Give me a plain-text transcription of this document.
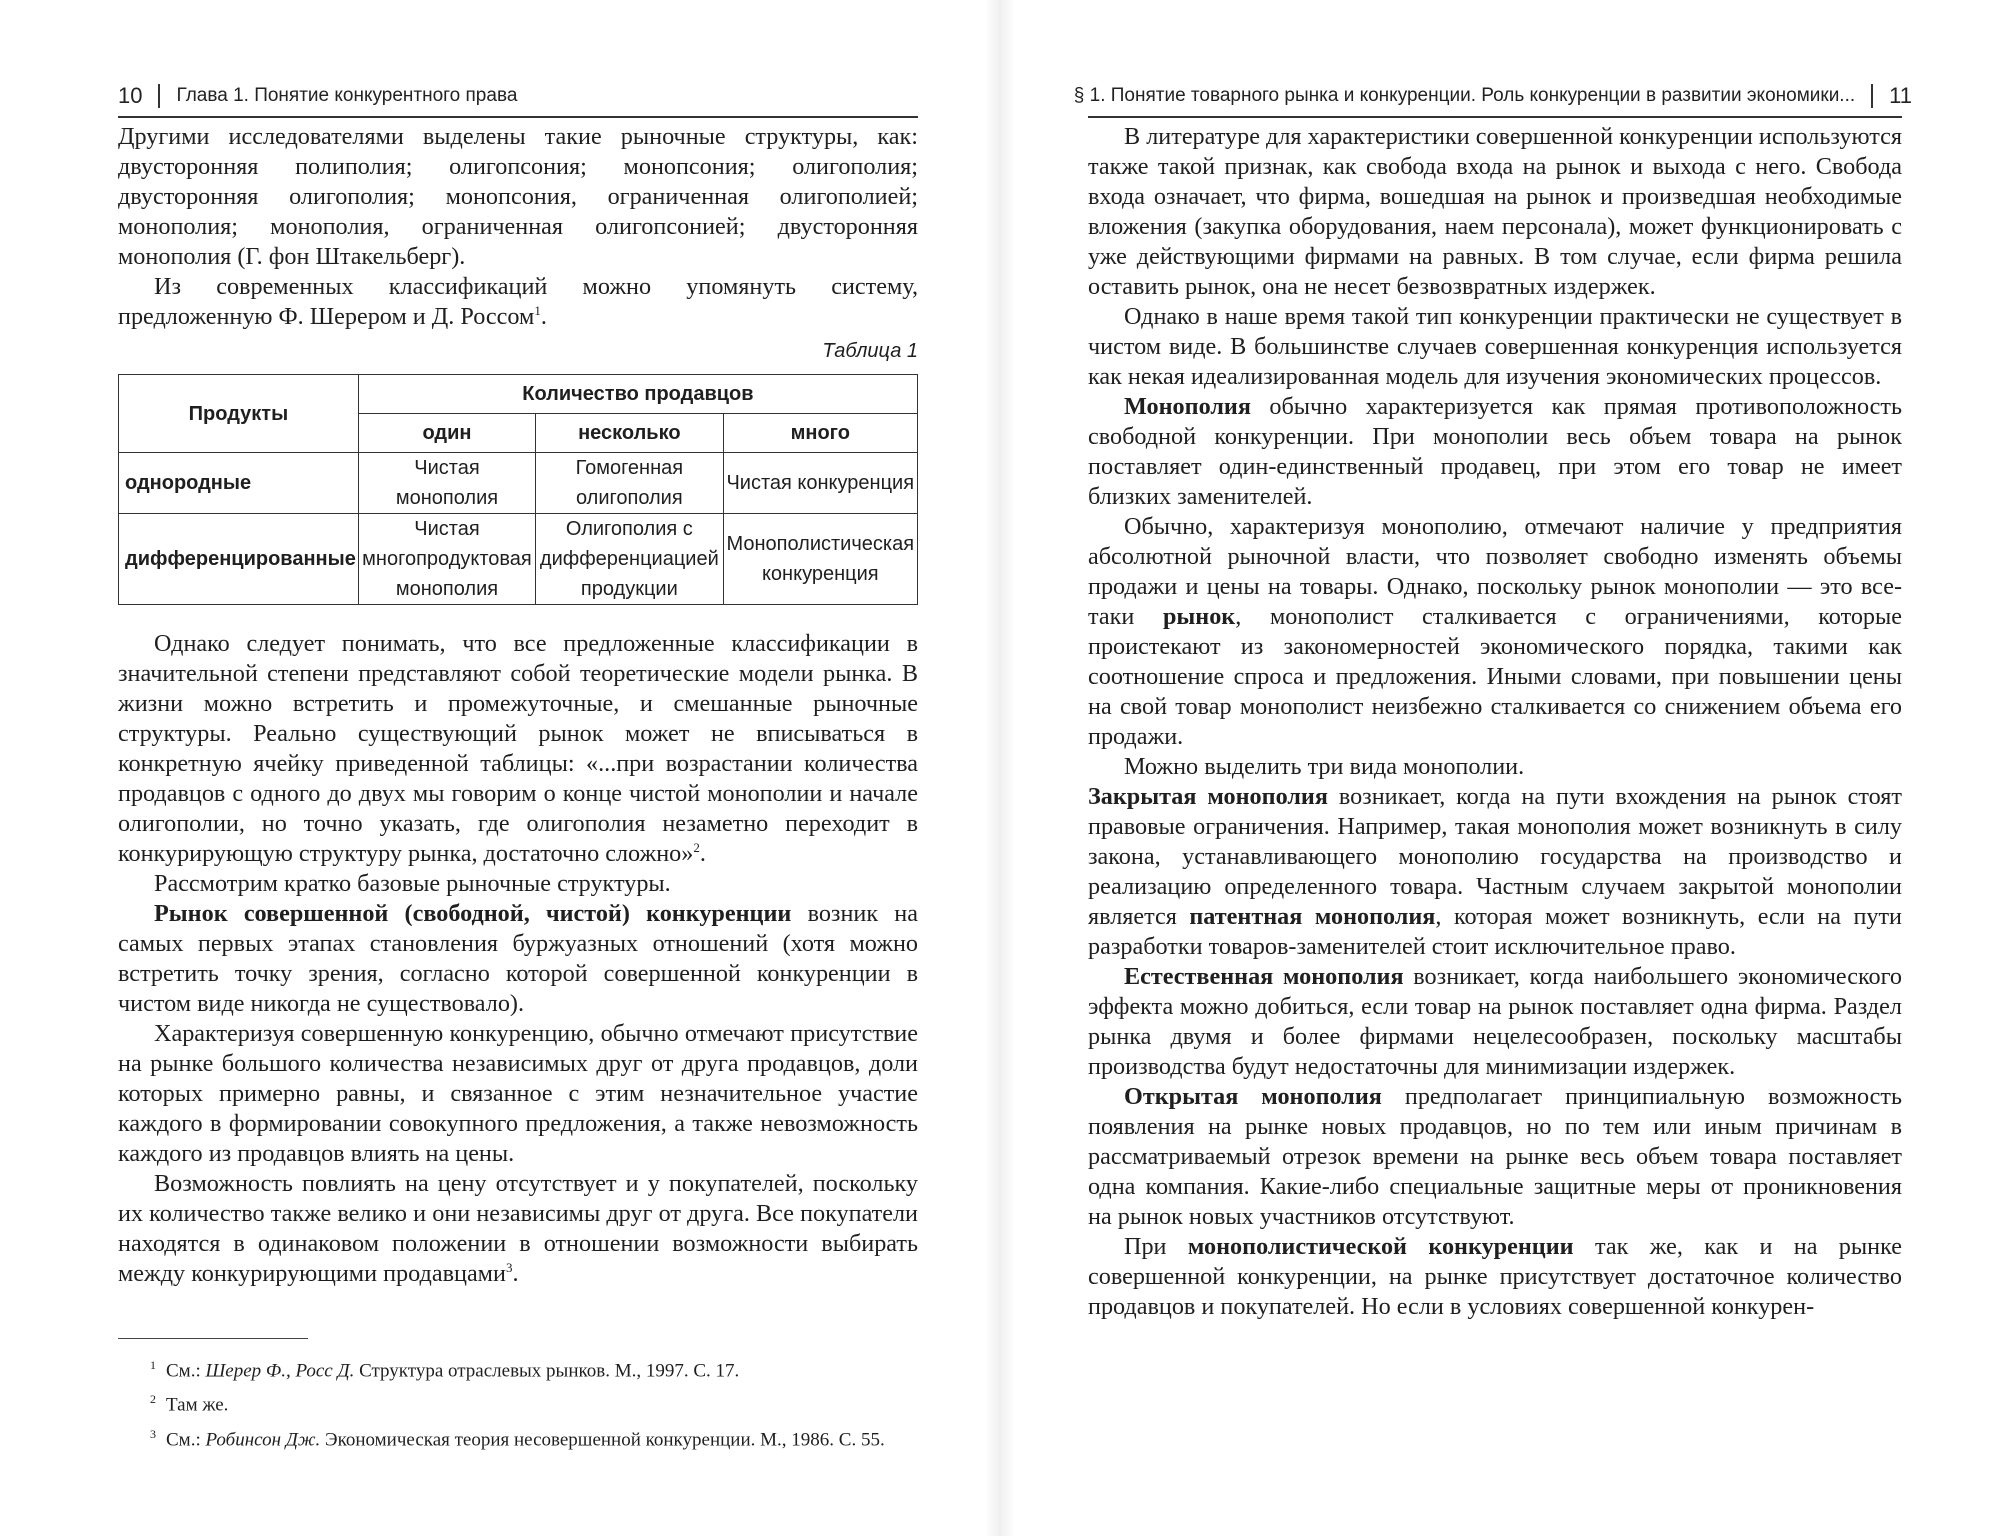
10 Глава 1. Понятие конкурентного права

Другими исследователями выделены такие рыночные структуры, как: двусторонняя полиполия; олигопсония; монопсония; олигополия; двусторонняя олигополия; монопсония, ограниченная олигополией; монополия; монополия, ограниченная олигопсонией; двусторонняя монополия (Г. фон Штакельберг).

Из современных классификаций можно упомянуть систему, предложенную Ф. Шерером и Д. Россом$^1$.

Таблица 1
Продукты	Количество продавцов		
	один	несколько	много
однородные	Чистая монополия	Гомогенная олигополия	Чистая конкуренция
дифференцированные	Чистая многопродуктовая монополия	Олигополия с дифференциацией продукции	Монополистическая конкуренция

Однако следует понимать, что все предложенные классификации в значительной степени представляют собой теоретические модели рынка. В жизни можно встретить и промежуточные, и смешанные рыночные структуры. Реально существующий рынок может не вписываться в конкретную ячейку приведенной таблицы: «...при возрастании количества продавцов с одного до двух мы говорим о конце чистой монополии и начале олигополии, но точно указать, где олигополия незаметно переходит в конкурирующую структуру рынка, достаточно сложно»$^2$.

Рассмотрим кратко базовые рыночные структуры.

Рынок совершенной (свободной, чистой) конкуренции возник на самых первых этапах становления буржуазных отношений (хотя можно встретить точку зрения, согласно которой совершенной конкуренции в чистом виде никогда не существовало).

Характеризуя совершенную конкуренцию, обычно отмечают присутствие на рынке большого количества независимых друг от друга продавцов, доли которых примерно равны, и связанное с этим незначительное участие каждого в формировании совокупного предложения, а также невозможность каждого из продавцов влиять на цены.

Возможность повлиять на цену отсутствует и у покупателей, поскольку их количество также велико и они независимы друг от друга. Все покупатели находятся в одинаковом положении в отношении возможности выбирать между конкурирующими продавцами$^3$.

$^1$ См.: Шерер Ф., Росс Д. Структура отраслевых рынков. М., 1997. С. 17.
$^2$ Там же.
$^3$ См.: Робинсон Дж. Экономическая теория несовершенной конкуренции. М., 1986. С. 55.
§ 1. Понятие товарного рынка и конкуренции. Роль конкуренции в развитии экономики... 11

В литературе для характеристики совершенной конкуренции используются также такой признак, как свобода входа на рынок и выхода с него. Свобода входа означает, что фирма, вошедшая на рынок и произведшая необходимые вложения (закупка оборудования, наем персонала), может функционировать с уже действующими фирмами на равных. В том случае, если фирма решила оставить рынок, она не несет безвозвратных издержек.

Однако в наше время такой тип конкуренции практически не существует в чистом виде. В большинстве случаев совершенная конкуренция используется как некая идеализированная модель для изучения экономических процессов.

Монополия обычно характеризуется как прямая противоположность свободной конкуренции. При монополии весь объем товара на рынок поставляет один-единственный продавец, при этом его товар не имеет близких заменителей.

Обычно, характеризуя монополию, отмечают наличие у предприятия абсолютной рыночной власти, что позволяет свободно изменять объемы продажи и цены на товары. Однако, поскольку рынок монополии — это все-таки рынок, монополист сталкивается с ограничениями, которые проистекают из закономерностей экономического порядка, такими как соотношение спроса и предложения. Иными словами, при повышении цены на свой товар монополист неизбежно сталкивается со снижением объема его продажи.

Можно выделить три вида монополии.

Закрытая монополия возникает, когда на пути вхождения на рынок стоят правовые ограничения. Например, такая монополия может возникнуть в силу закона, устанавливающего монополию государства на производство и реализацию определенного товара. Частным случаем закрытой монополии является патентная монополия, которая может возникнуть, если на пути разработки товаров-заменителей стоит исключительное право.

Естественная монополия возникает, когда наибольшего экономического эффекта можно добиться, если товар на рынок поставляет одна фирма. Раздел рынка двумя и более фирмами нецелесообразен, поскольку масштабы производства будут недостаточны для минимизации издержек.

Открытая монополия предполагает принципиальную возможность появления на рынке новых продавцов, но по тем или иным причинам в рассматриваемый отрезок времени на рынке весь объем товара поставляет одна компания. Какие-либо специальные защитные меры от проникновения на рынок новых участников отсутствуют.

При монополистической конкуренции так же, как и на рынке совершенной конкуренции, на рынке присутствует достаточное количество продавцов и покупателей. Но если в условиях совершенной конкурен-
